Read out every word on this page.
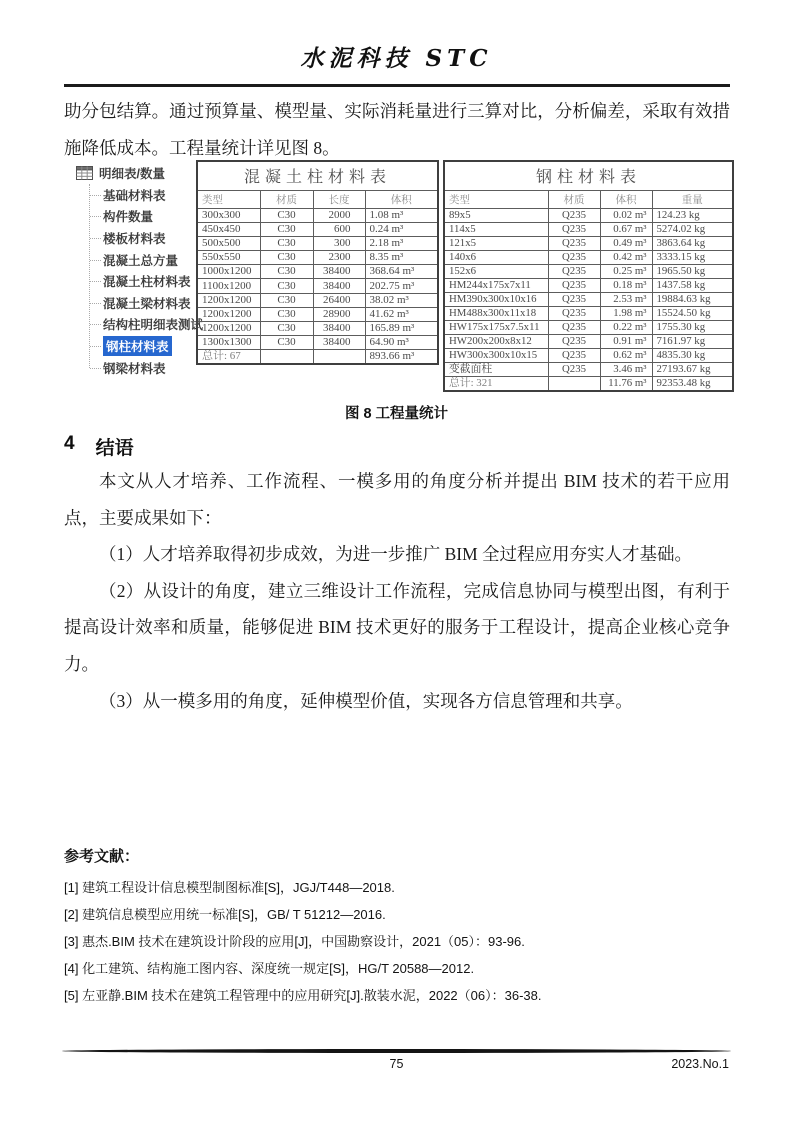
水泥科技 STC
助分包结算。通过预算量、模型量、实际消耗量进行三算对比，分析偏差，采取有效措施降低成本。工程量统计详见图 8。
明细表/数量
基础材料表
构件数量
楼板材料表
混凝土总方量
混凝土柱材料表
混凝土梁材料表
结构柱明细表测试
钢柱材料表
钢梁材料表
混凝土柱材料表			
类型	材质	长度	体积
300x300	C30	2000	1.08 m³
450x450	C30	600	0.24 m³
500x500	C30	300	2.18 m³
550x550	C30	2300	8.35 m³
1000x1200	C30	38400	368.64 m³
1100x1200	C30	38400	202.75 m³
1200x1200	C30	26400	38.02 m³
1200x1200	C30	28900	41.62 m³
1200x1200	C30	38400	165.89 m³
1300x1300	C30	38400	64.90 m³
总计: 67			893.66 m³
钢柱材料表			
类型	材质	体积	重量
89x5	Q235	0.02 m³	124.23 kg
114x5	Q235	0.67 m³	5274.02 kg
121x5	Q235	0.49 m³	3863.64 kg
140x6	Q235	0.42 m³	3333.15 kg
152x6	Q235	0.25 m³	1965.50 kg
HM244x175x7x11	Q235	0.18 m³	1437.58 kg
HM390x300x10x16	Q235	2.53 m³	19884.63 kg
HM488x300x11x18	Q235	1.98 m³	15524.50 kg
HW175x175x7.5x11	Q235	0.22 m³	1755.30 kg
HW200x200x8x12	Q235	0.91 m³	7161.97 kg
HW300x300x10x15	Q235	0.62 m³	4835.30 kg
变截面柱	Q235	3.46 m³	27193.67 kg
总计: 321		11.76 m³	92353.48 kg
图 8 工程量统计
4 结语

本文从人才培养、工作流程、一模多用的角度分析并提出 BIM 技术的若干应用点，主要成果如下：

（1）人才培养取得初步成效，为进一步推广 BIM 全过程应用夯实人才基础。

（2）从设计的角度，建立三维设计工作流程，完成信息协同与模型出图，有利于提高设计效率和质量，能够促进 BIM 技术更好的服务于工程设计，提高企业核心竞争力。

（3）从一模多用的角度，延伸模型价值，实现各方信息管理和共享。

参考文献：
[1] 建筑工程设计信息模型制图标准[S]，JGJ/T448—2018.
[2] 建筑信息模型应用统一标准[S]，GB/ T 51212—2016.
[3] 惠杰.BIM 技术在建筑设计阶段的应用[J]，中国勘察设计，2021（05）：93-96.
[4] 化工建筑、结构施工图内容、深度统一规定[S]，HG/T 20588—2012.
[5] 左亚静.BIM 技术在建筑工程管理中的应用研究[J].散装水泥，2022（06）：36-38.
75	2023.No.1
